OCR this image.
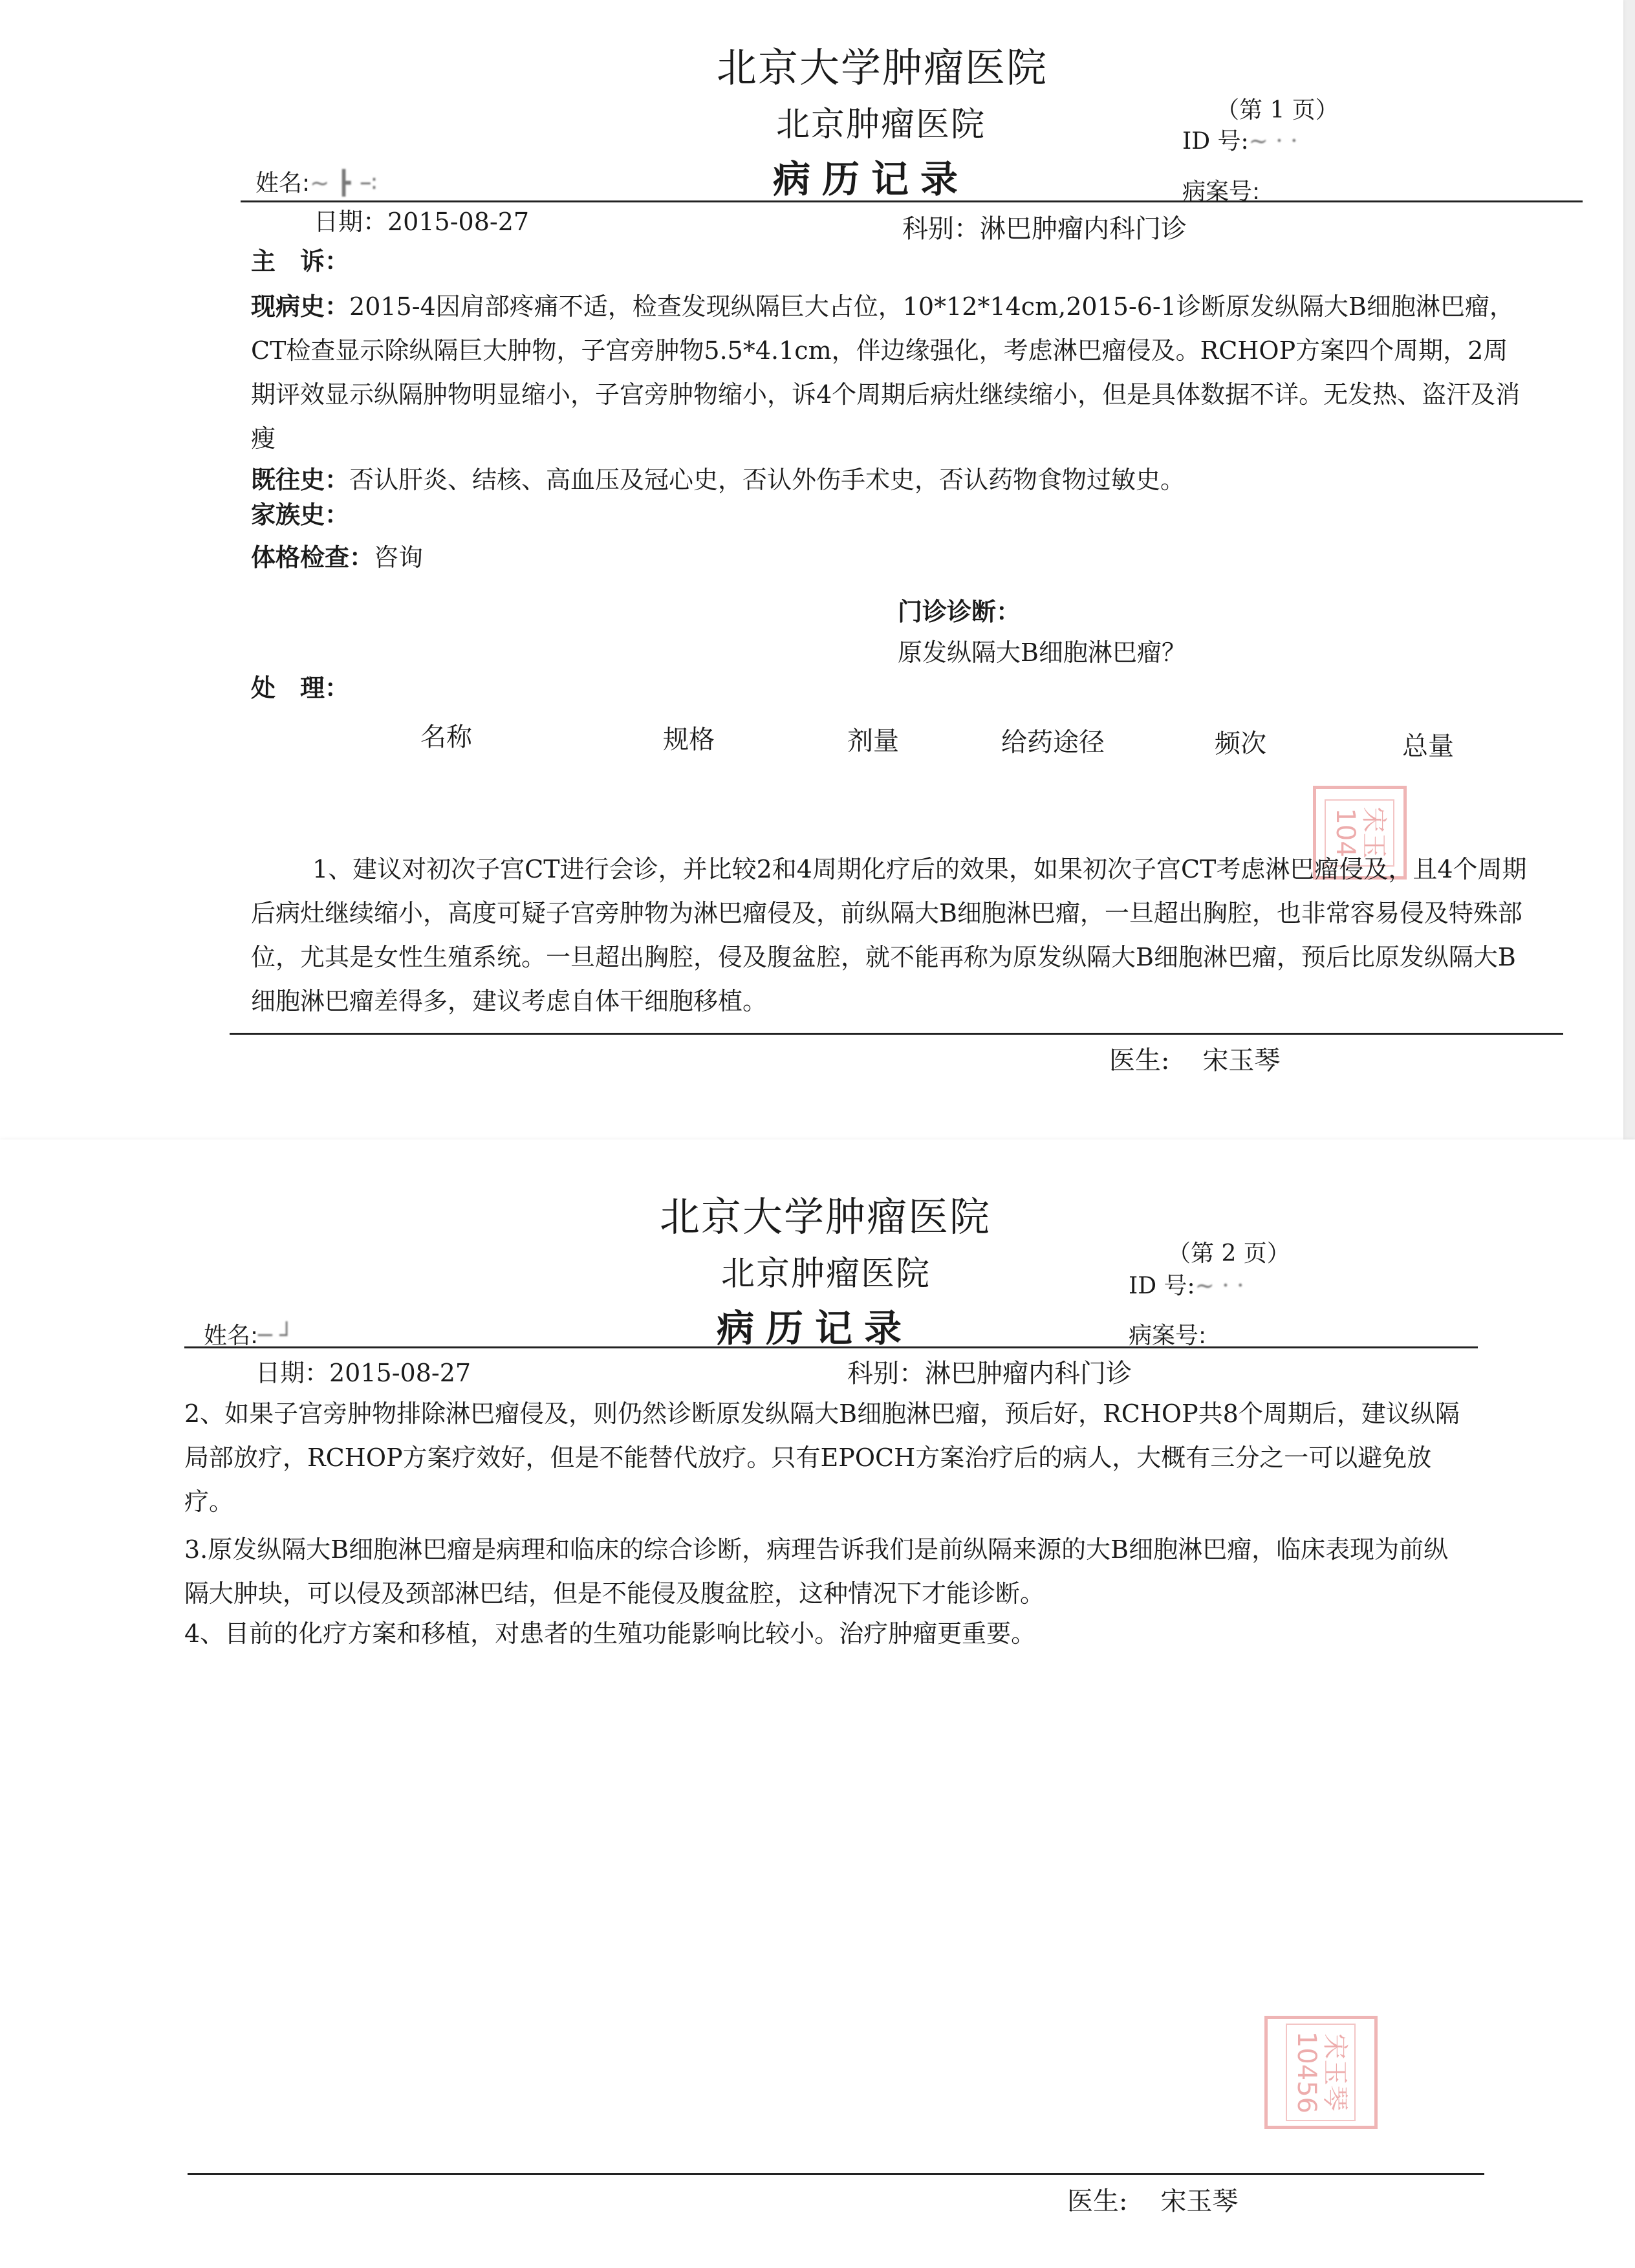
北京大学肿瘤医院
北京肿瘤医院	（第 1 页）
ID 号:~ · ·
姓名:~ ┣ ∹	病历记录	病案号:
日期：2015-08-27	科别：淋巴肿瘤内科门诊
主　诉：
现病史：2015-4因肩部疼痛不适，检查发现纵隔巨大占位，10*12*14cm,2015-6-1诊断原发纵隔大B细胞淋巴瘤，CT检查显示除纵隔巨大肿物，子宫旁肿物5.5*4.1cm，伴边缘强化，考虑淋巴瘤侵及。RCHOP方案四个周期，2周期评效显示纵隔肿物明显缩小，子宫旁肿物缩小，诉4个周期后病灶继续缩小，但是具体数据不详。无发热、盗汗及消瘦
既往史：否认肝炎、结核、高血压及冠心史，否认外伤手术史，否认药物食物过敏史。
家族史：
体格检查：咨询
门诊诊断：
原发纵隔大B细胞淋巴瘤？
处　理：
名称	规格	剂量	给药途径	频次	总量
宋玉
104
1、建议对初次子宫CT进行会诊，并比较2和4周期化疗后的效果，如果初次子宫CT考虑淋巴瘤侵及，且4个周期后病灶继续缩小，高度可疑子宫旁肿物为淋巴瘤侵及，前纵隔大B细胞淋巴瘤，一旦超出胸腔，也非常容易侵及特殊部位，尤其是女性生殖系统。一旦超出胸腔，侵及腹盆腔，就不能再称为原发纵隔大B细胞淋巴瘤，预后比原发纵隔大B细胞淋巴瘤差得多，建议考虑自体干细胞移植。
医生: 宋玉琴
北京大学肿瘤医院
北京肿瘤医院
（第 2 页）
ID 号:~ · ·
姓名:─ ┘	病历记录	病案号:
日期：2015-08-27	科别：淋巴肿瘤内科门诊
2、如果子宫旁肿物排除淋巴瘤侵及，则仍然诊断原发纵隔大B细胞淋巴瘤，预后好，RCHOP共8个周期后，建议纵隔局部放疗，RCHOP方案疗效好，但是不能替代放疗。只有EPOCH方案治疗后的病人，大概有三分之一可以避免放疗。
3.原发纵隔大B细胞淋巴瘤是病理和临床的综合诊断，病理告诉我们是前纵隔来源的大B细胞淋巴瘤，临床表现为前纵隔大肿块，可以侵及颈部淋巴结，但是不能侵及腹盆腔，这种情况下才能诊断。
4、目前的化疗方案和移植，对患者的生殖功能影响比较小。治疗肿瘤更重要。
宋玉琴
10456
医生: 宋玉琴
